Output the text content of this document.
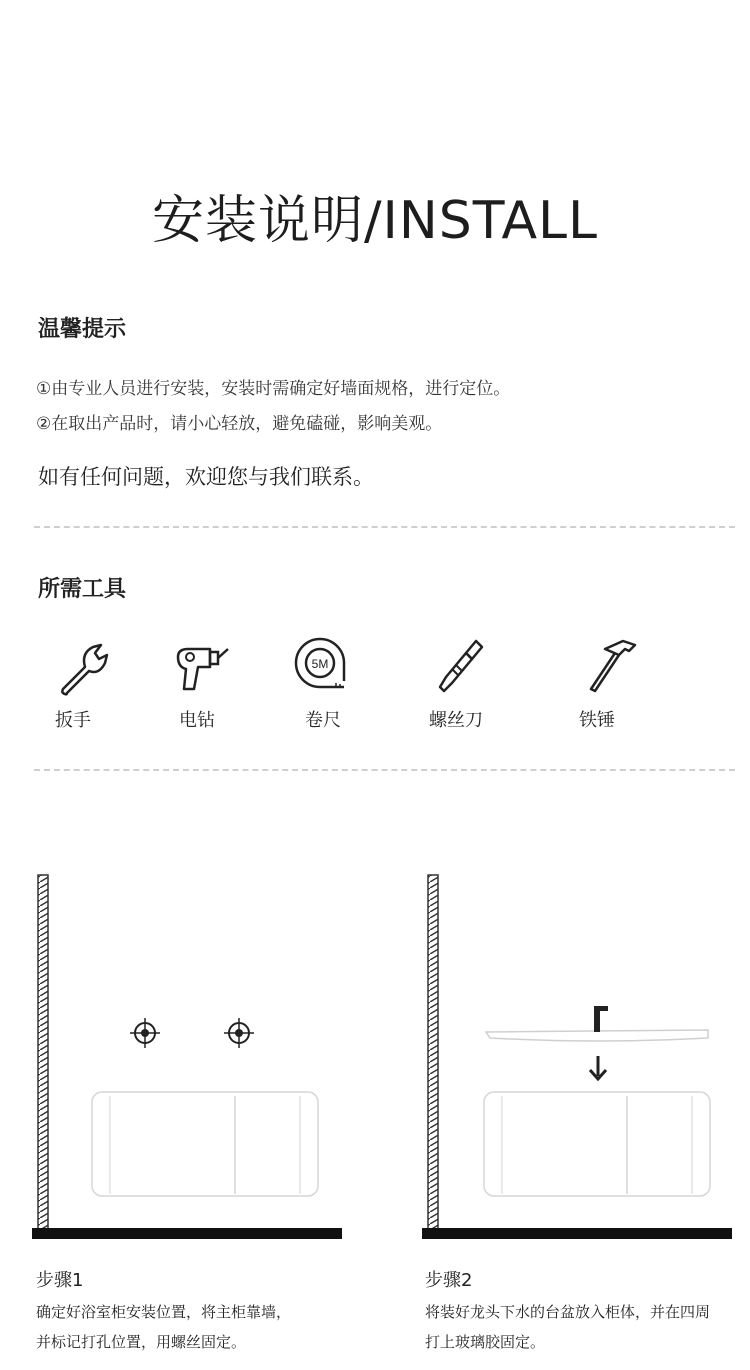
安装说明/INSTALL
温馨提示
①由专业人员进行安装，安装时需确定好墙面规格，进行定位。
②在取出产品时，请小心轻放，避免磕碰，影响美观。
如有任何问题，欢迎您与我们联系。
所需工具
5M
扳手	电钻	卷尺	螺丝刀	铁锤
步骤1
确定好浴室柜安装位置，将主柜靠墙，
并标记打孔位置，用螺丝固定。
步骤2
将装好龙头下水的台盆放入柜体，并在四周
打上玻璃胶固定。
